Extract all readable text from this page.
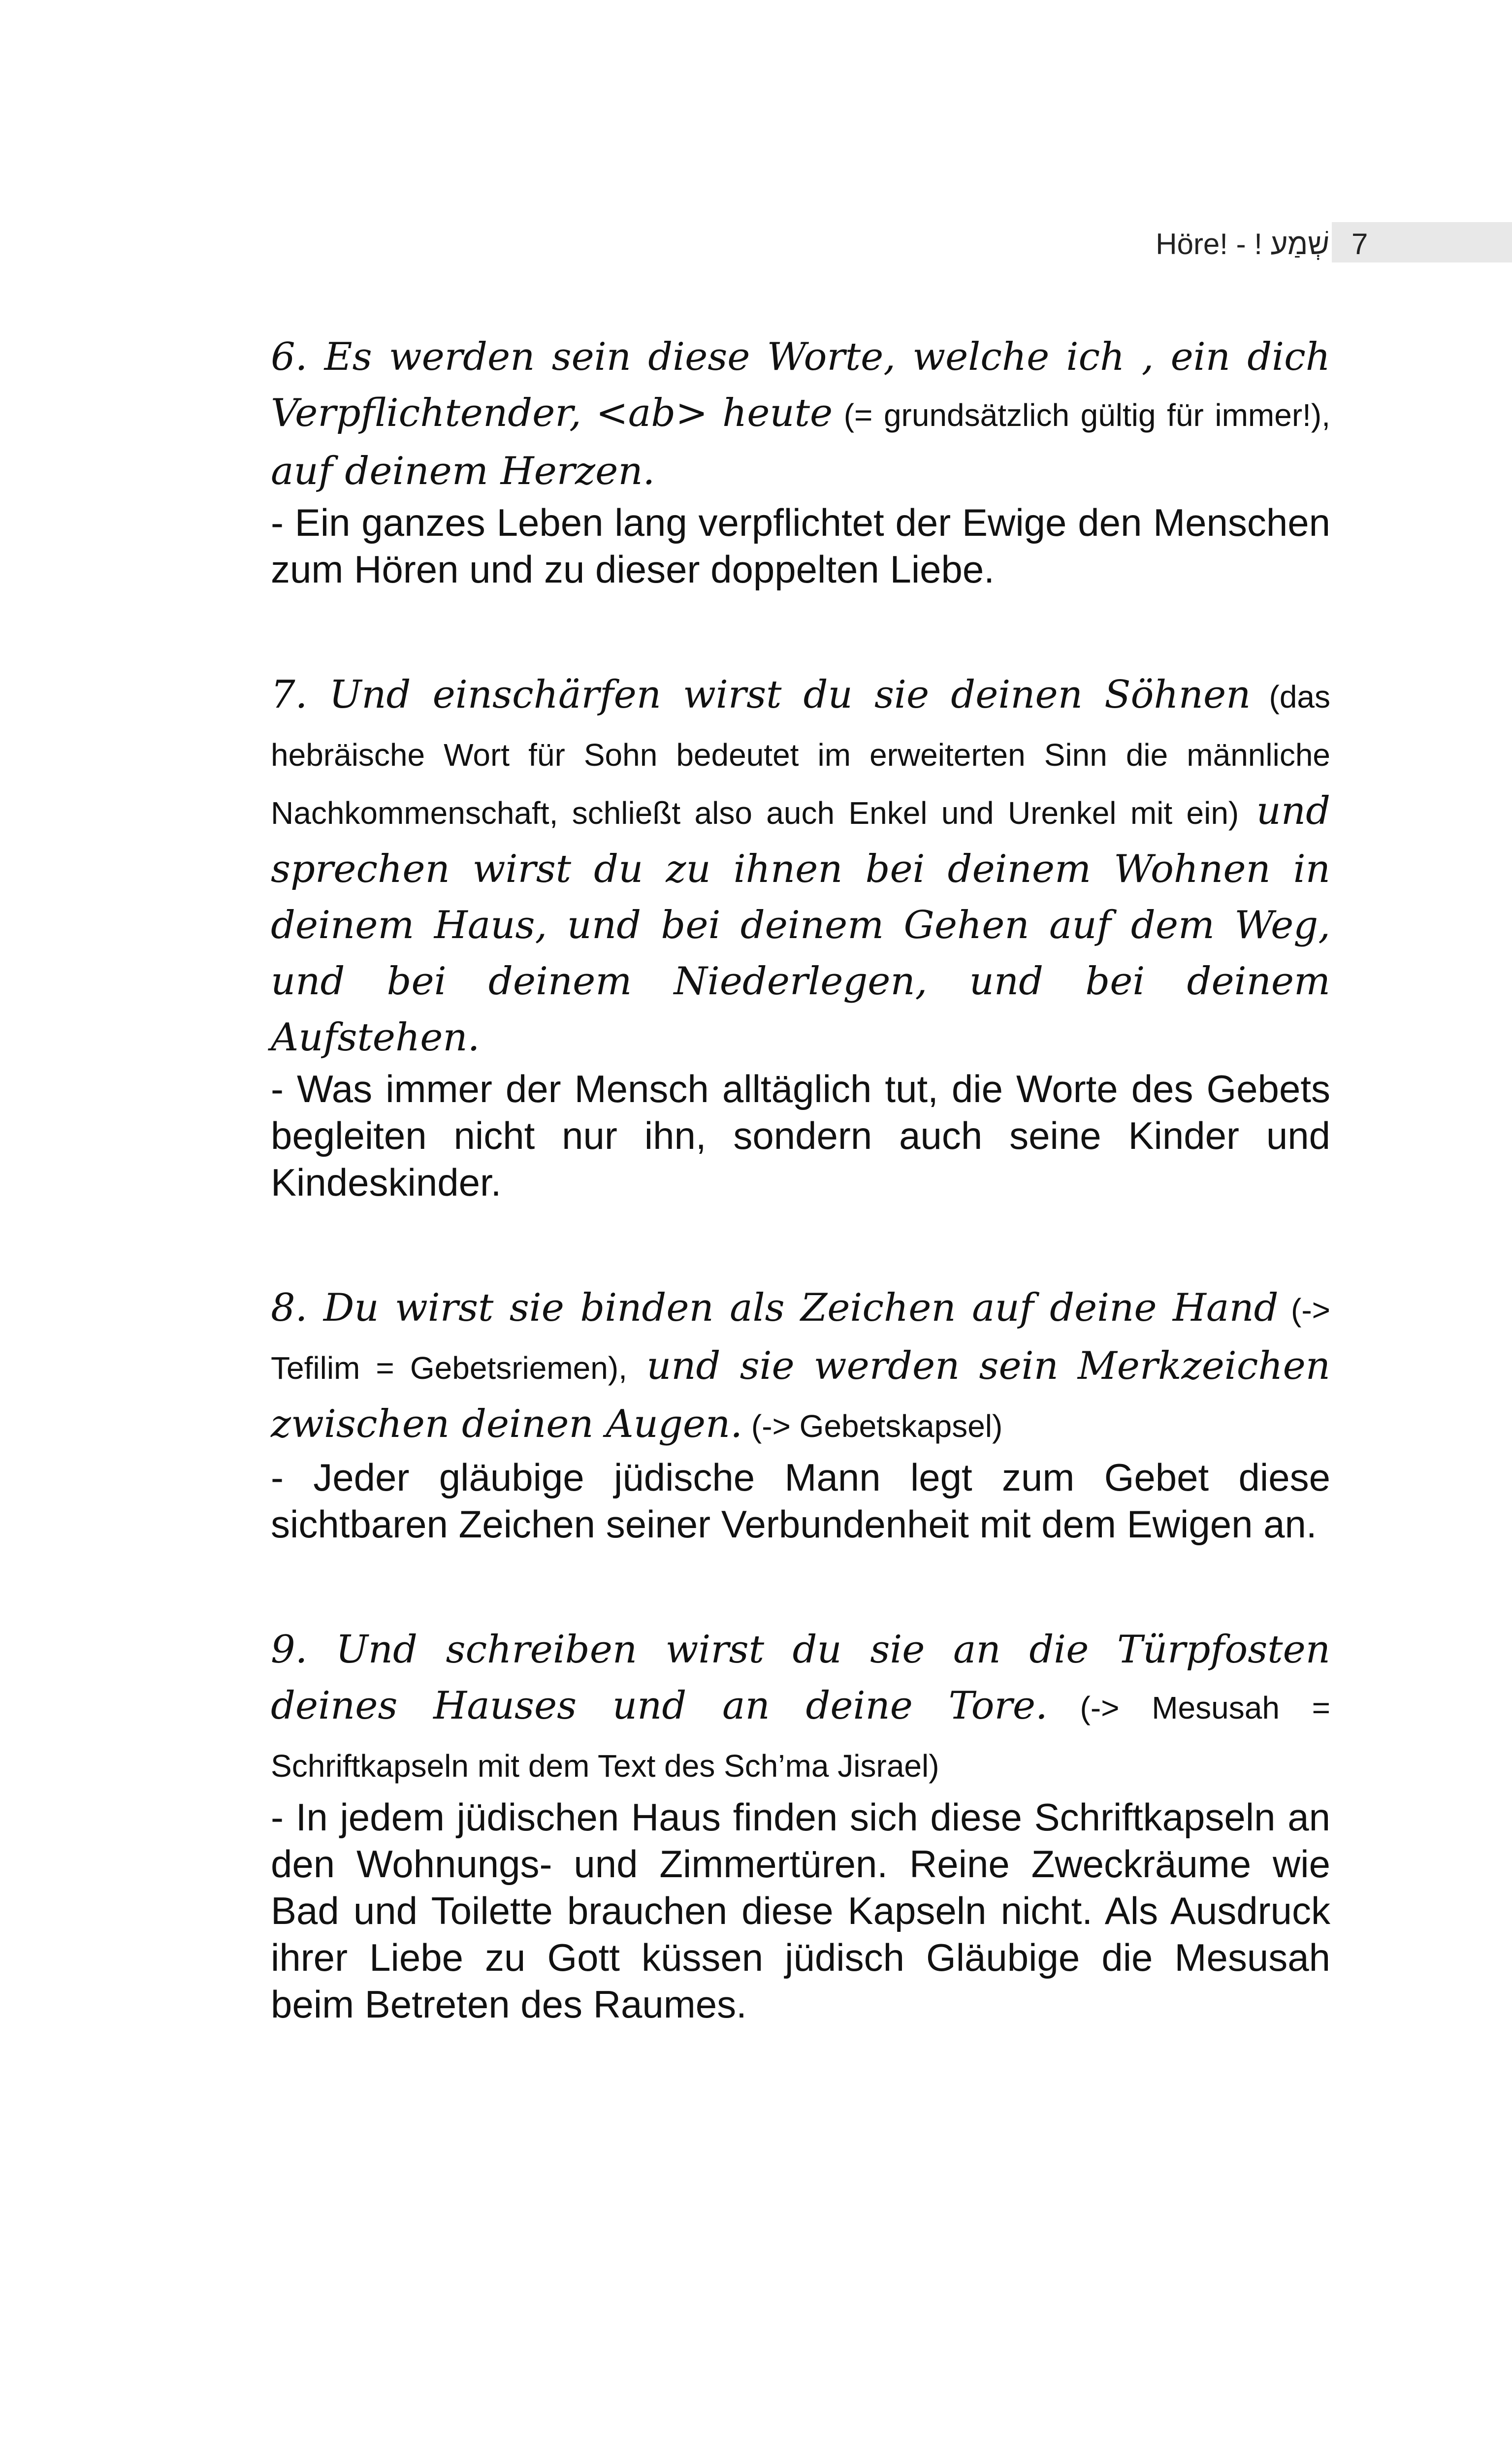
Höre! - ! שְׁמַע 7

6. Es werden sein diese Worte, welche ich , ein dich Verpflichtender, <ab> heute (= grundsätzlich gültig für immer!), auf deinem Herzen.

- Ein ganzes Leben lang verpflichtet der Ewige den Menschen zum Hören und zu dieser doppelten Liebe.

7. Und einschärfen wirst du sie deinen Söhnen (das hebräische Wort für Sohn bedeutet im erweiterten Sinn die männliche Nachkommenschaft, schließt also auch Enkel und Urenkel mit ein) und sprechen wirst du zu ihnen bei deinem Wohnen in deinem Haus, und bei deinem Gehen auf dem Weg, und bei deinem Niederlegen, und bei deinem Aufstehen.

- Was immer der Mensch alltäglich tut, die Worte des Gebets begleiten nicht nur ihn, sondern auch seine Kinder und Kindeskinder.

8. Du wirst sie binden als Zeichen auf deine Hand (-> Tefilim = Gebetsriemen), und sie werden sein Merkzeichen zwischen deinen Augen. (-> Gebetskapsel)

- Jeder gläubige jüdische Mann legt zum Gebet diese sichtbaren Zeichen seiner Verbundenheit mit dem Ewigen an.

9. Und schreiben wirst du sie an die Türpfosten deines Hauses und an deine Tore. (-> Mesusah = Schriftkapseln mit dem Text des Sch’ma Jisrael)

- In jedem jüdischen Haus finden sich diese Schriftkapseln an den Wohnungs- und Zimmertüren. Reine Zweckräume wie Bad und Toilette brauchen diese Kapseln nicht. Als Ausdruck ihrer Liebe zu Gott küssen jüdisch Gläubige die Mesusah beim Betreten des Raumes.
